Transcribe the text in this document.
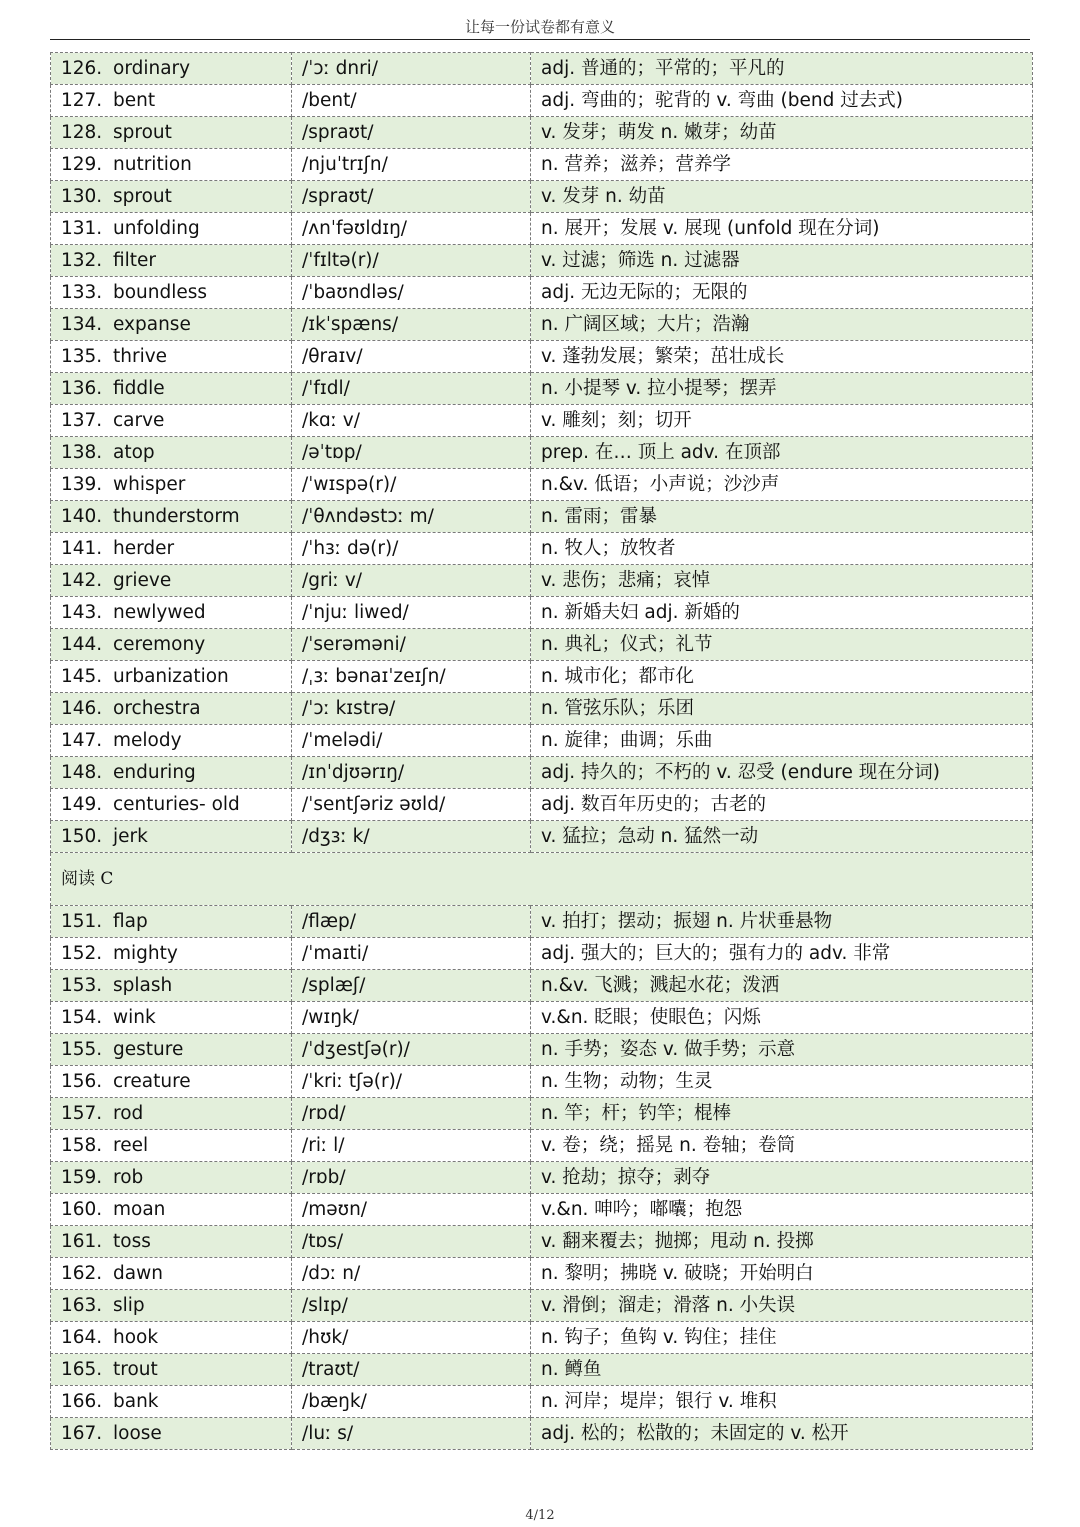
让每一份试卷都有意义
126. ordinary	/ˈɔː dnri/	adj. 普通的；平常的；平凡的
127. bent	/bent/	adj. 弯曲的；驼背的 v. 弯曲 (bend 过去式)
128. sprout	/spraʊt/	v. 发芽；萌发 n. 嫩芽；幼苗
129. nutrition	/njuˈtrɪʃn/	n. 营养；滋养；营养学
130. sprout	/spraʊt/	v. 发芽 n. 幼苗
131. unfolding	/ʌnˈfəʊldɪŋ/	n. 展开；发展 v. 展现 (unfold 现在分词)
132. filter	/ˈfɪltə(r)/	v. 过滤；筛选 n. 过滤器
133. boundless	/ˈbaʊndləs/	adj. 无边无际的；无限的
134. expanse	/ɪkˈspæns/	n. 广阔区域；大片；浩瀚
135. thrive	/θraɪv/	v. 蓬勃发展；繁荣；茁壮成长
136. fiddle	/ˈfɪdl/	n. 小提琴 v. 拉小提琴；摆弄
137. carve	/kɑː v/	v. 雕刻；刻；切开
138. atop	/əˈtɒp/	prep. 在… 顶上 adv. 在顶部
139. whisper	/ˈwɪspə(r)/	n.&v. 低语；小声说；沙沙声
140. thunderstorm	/ˈθʌndəstɔː m/	n. 雷雨；雷暴
141. herder	/ˈhɜː də(r)/	n. 牧人；放牧者
142. grieve	/griː v/	v. 悲伤；悲痛；哀悼
143. newlywed	/ˈnjuː liwed/	n. 新婚夫妇 adj. 新婚的
144. ceremony	/ˈserəməni/	n. 典礼；仪式；礼节
145. urbanization	/ˌɜː bənaɪˈzeɪʃn/	n. 城市化；都市化
146. orchestra	/ˈɔː kɪstrə/	n. 管弦乐队；乐团
147. melody	/ˈmelədi/	n. 旋律；曲调；乐曲
148. enduring	/ɪnˈdjʊərɪŋ/	adj. 持久的；不朽的 v. 忍受 (endure 现在分词)
149. centuries- old	/ˈsentʃəriz əʊld/	adj. 数百年历史的；古老的
150. jerk	/dʒɜː k/	v. 猛拉；急动 n. 猛然一动
阅读 C		
151. flap	/flæp/	v. 拍打；摆动；振翅 n. 片状垂悬物
152. mighty	/ˈmaɪti/	adj. 强大的；巨大的；强有力的 adv. 非常
153. splash	/splæʃ/	n.&v. 飞溅；溅起水花；泼洒
154. wink	/wɪŋk/	v.&n. 眨眼；使眼色；闪烁
155. gesture	/ˈdʒestʃə(r)/	n. 手势；姿态 v. 做手势；示意
156. creature	/ˈkriː tʃə(r)/	n. 生物；动物；生灵
157. rod	/rɒd/	n. 竿；杆；钓竿；棍棒
158. reel	/riː l/	v. 卷；绕；摇晃 n. 卷轴；卷筒
159. rob	/rɒb/	v. 抢劫；掠夺；剥夺
160. moan	/məʊn/	v.&n. 呻吟；嘟囔；抱怨
161. toss	/tɒs/	v. 翻来覆去；抛掷；甩动 n. 投掷
162. dawn	/dɔː n/	n. 黎明；拂晓 v. 破晓；开始明白
163. slip	/slɪp/	v. 滑倒；溜走；滑落 n. 小失误
164. hook	/hʊk/	n. 钩子；鱼钩 v. 钩住；挂住
165. trout	/traʊt/	n. 鳟鱼
166. bank	/bæŋk/	n. 河岸；堤岸；银行 v. 堆积
167. loose	/luː s/	adj. 松的；松散的；未固定的 v. 松开
4/12
